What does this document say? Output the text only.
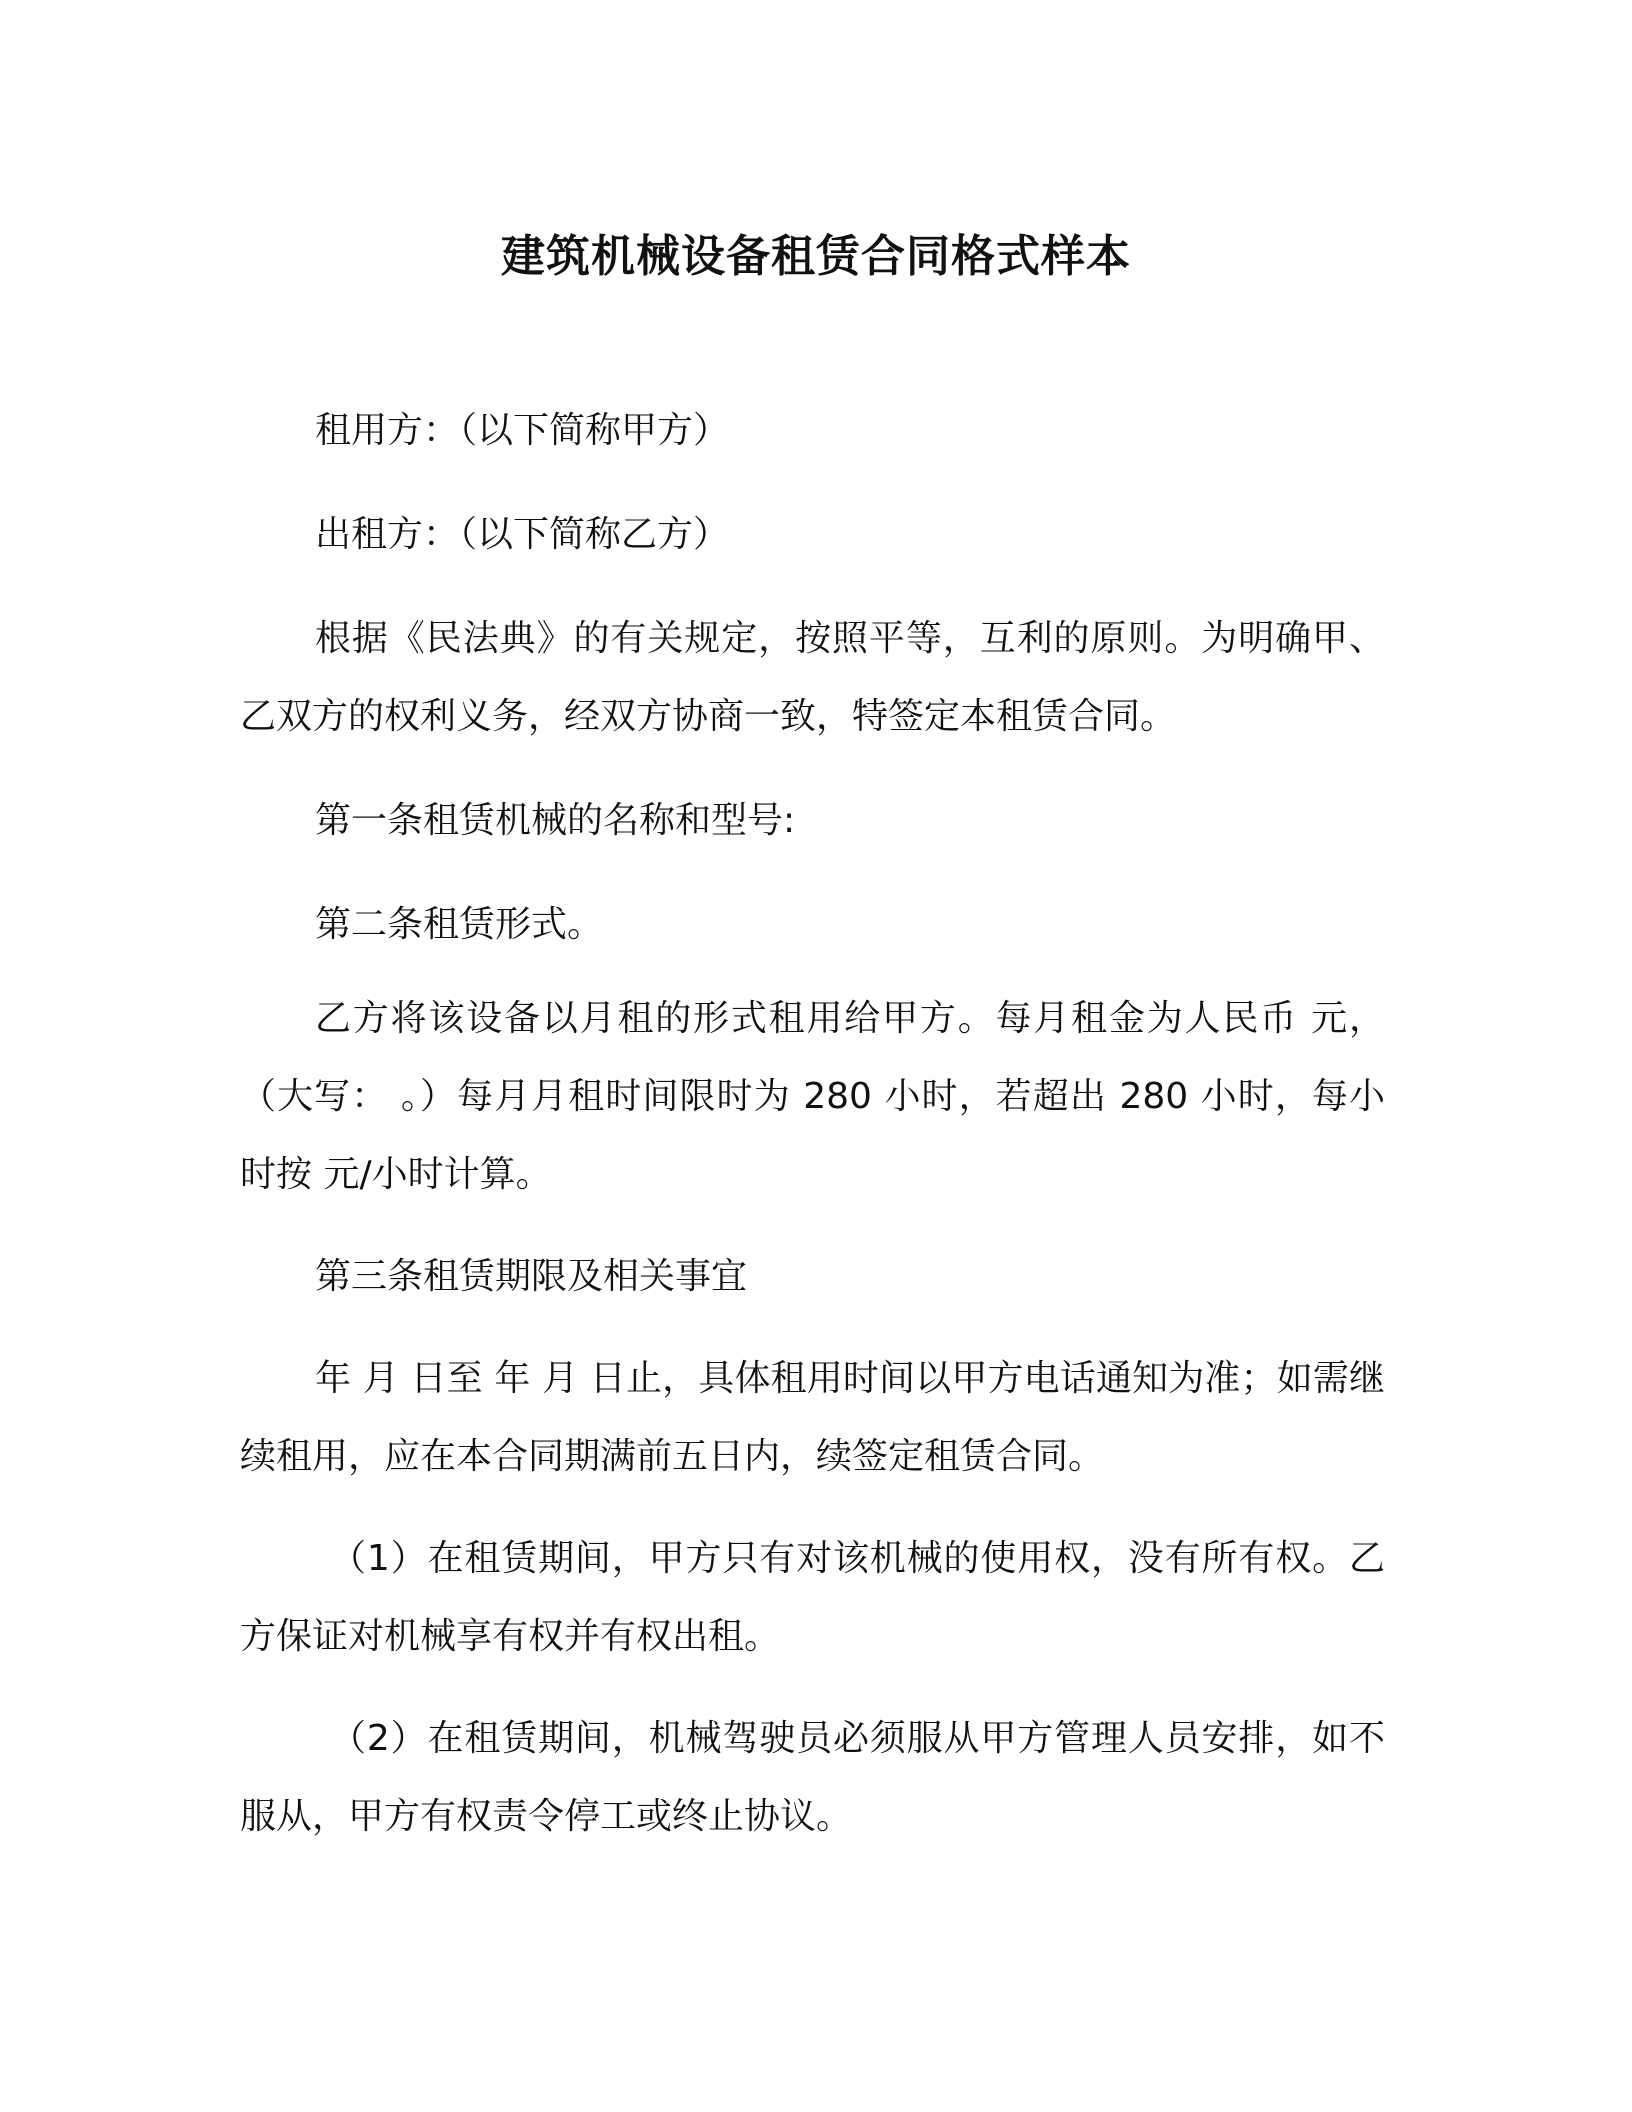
建筑机械设备租赁合同格式样本
租用方：（以下简称甲方）
出租方：（以下简称乙方）
根据《民法典》的有关规定，按照平等，互利的原则。为明确甲、乙双方的权利义务，经双方协商一致，特签定本租赁合同。
第一条租赁机械的名称和型号:
第二条租赁形式。
乙方将该设备以月租的形式租用给甲方。每月租金为人民币 元，（大写： 。）每月月租时间限时为 280 小时，若超出 280 小时，每小时按 元/小时计算。
第三条租赁期限及相关事宜
年 月 日至 年 月 日止，具体租用时间以甲方电话通知为准；如需继续租用，应在本合同期满前五日内，续签定租赁合同。
（1）在租赁期间，甲方只有对该机械的使用权，没有所有权。乙方保证对机械享有权并有权出租。
（2）在租赁期间，机械驾驶员必须服从甲方管理人员安排，如不服从，甲方有权责令停工或终止协议。
